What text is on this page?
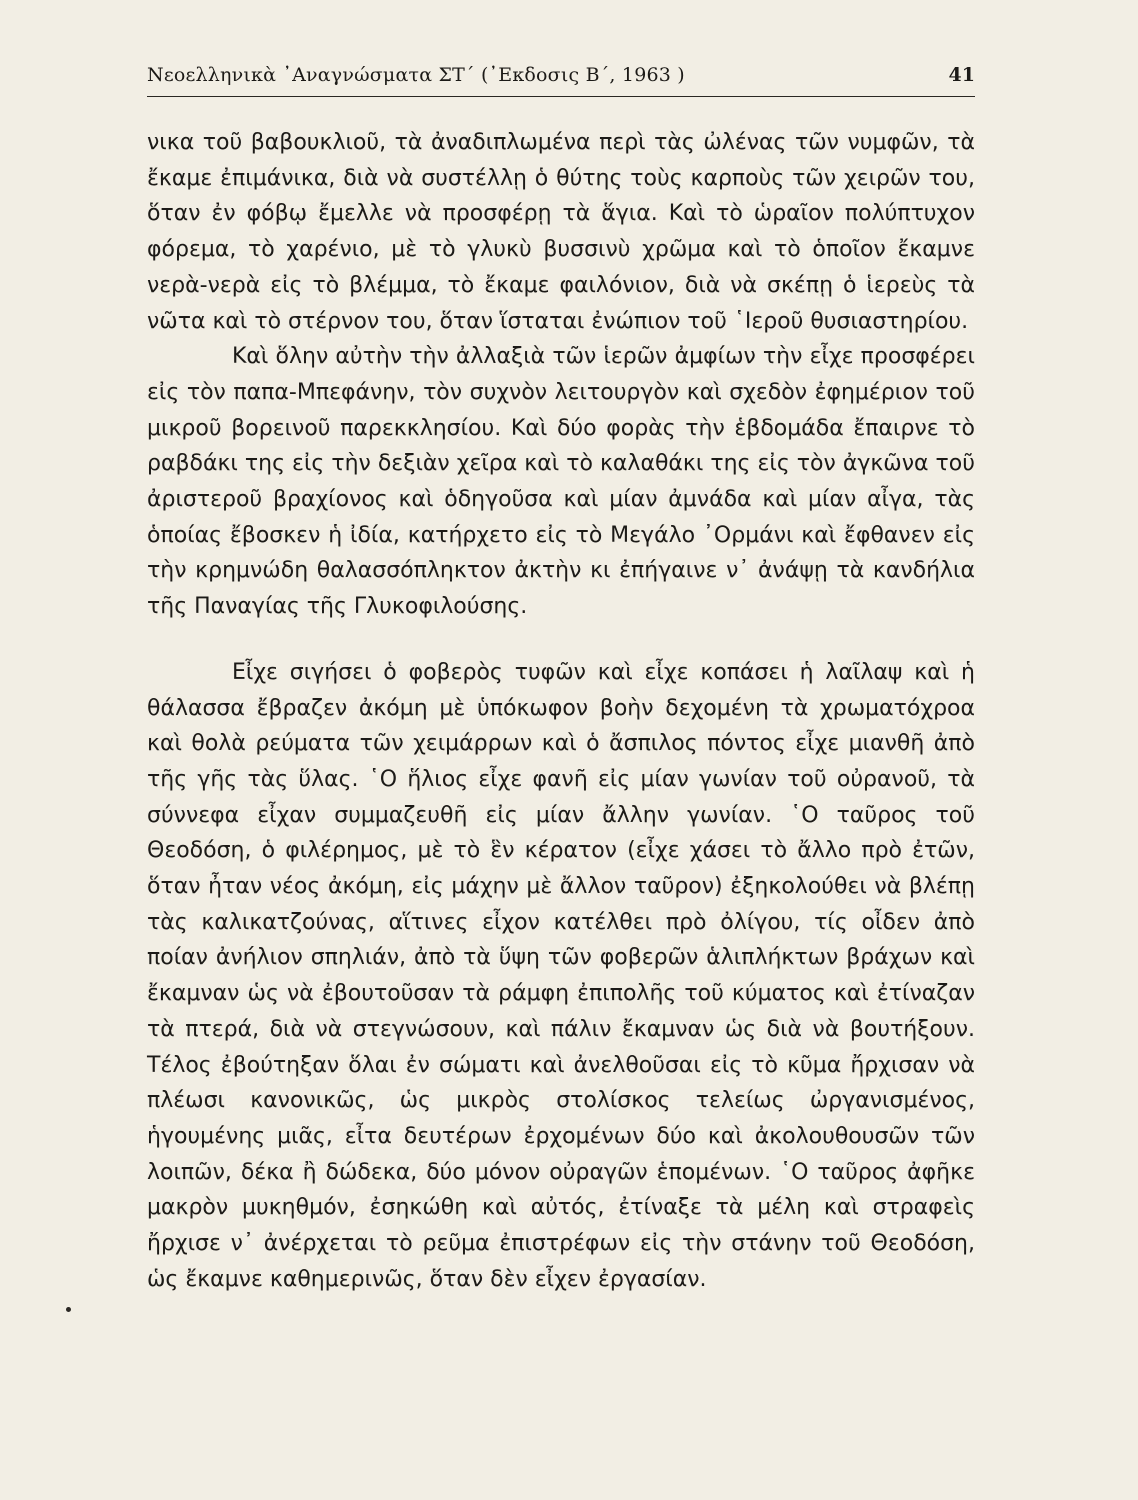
Νεοελληνικὰ ᾿Αναγνώσματα ΣΤ΄ (᾿Εκδοσις Β΄, 1963 )	41

νικα τοῦ βαβουκλιοῦ, τὰ ἀναδιπλωμένα περὶ τὰς ὠλένας τῶν νυμφῶν, τὰ ἔκαμε ἐπιμάνικα, διὰ νὰ συστέλλῃ ὁ θύτης τοὺς καρποὺς τῶν χειρῶν του, ὅταν ἐν φόβῳ ἔμελλε νὰ προσφέρῃ τὰ ἅγια. Καὶ τὸ ὡραῖον πολύπτυχον φόρεμα, τὸ χαρένιο, μὲ τὸ γλυκὺ βυσσινὺ χρῶμα καὶ τὸ ὁποῖον ἔκαμνε νερὰ-νερὰ εἰς τὸ βλέμμα, τὸ ἔκαμε φαιλόνιον, διὰ νὰ σκέπῃ ὁ ἱερεὺς τὰ νῶτα καὶ τὸ στέρνον του, ὅταν ἵσταται ἐνώπιον τοῦ ῾Ιεροῦ θυσιαστηρίου.

Καὶ ὅλην αὐτὴν τὴν ἀλλαξιὰ τῶν ἱερῶν ἀμφίων τὴν εἶχε προσφέρει εἰς τὸν παπα-Μπεφάνην, τὸν συχνὸν λειτουργὸν καὶ σχεδὸν ἐφημέριον τοῦ μικροῦ βορεινοῦ παρεκκλησίου. Καὶ δύο φορὰς τὴν ἑβδομάδα ἔπαιρνε τὸ ραβδάκι της εἰς τὴν δεξιὰν χεῖρα καὶ τὸ καλαθάκι της εἰς τὸν ἀγκῶνα τοῦ ἀριστεροῦ βραχίονος καὶ ὁδηγοῦσα καὶ μίαν ἀμνάδα καὶ μίαν αἶγα, τὰς ὁποίας ἔβοσκεν ἡ ἰδία, κατήρχετο εἰς τὸ Μεγάλο ᾿Ορμάνι καὶ ἔφθανεν εἰς τὴν κρημνώδη θαλασσόπληκτον ἀκτὴν κι ἐπήγαινε ν᾿ ἀνάψῃ τὰ κανδήλια τῆς Παναγίας τῆς Γλυκοφιλούσης.

Εἶχε σιγήσει ὁ φοβερὸς τυφῶν καὶ εἶχε κοπάσει ἡ λαῖλαψ καὶ ἡ θάλασσα ἔβραζεν ἀκόμη μὲ ὑπόκωφον βοὴν δεχομένη τὰ χρωματόχροα καὶ θολὰ ρεύματα τῶν χειμάρρων καὶ ὁ ἄσπιλος πόντος εἶχε μιανθῆ ἀπὸ τῆς γῆς τὰς ὕλας. ῾Ο ἥλιος εἶχε φανῆ εἰς μίαν γωνίαν τοῦ οὐρανοῦ, τὰ σύννεφα εἶχαν συμμαζευθῆ εἰς μίαν ἄλλην γωνίαν. ῾Ο ταῦρος τοῦ Θεοδόση, ὁ φιλέρημος, μὲ τὸ ἓν κέρατον (εἶχε χάσει τὸ ἄλλο πρὸ ἐτῶν, ὅταν ἦταν νέος ἀκόμη, εἰς μάχην μὲ ἄλλον ταῦρον) ἐξηκολούθει νὰ βλέπῃ τὰς καλικατζούνας, αἵτινες εἶχον κατέλθει πρὸ ὀλίγου, τίς οἶδεν ἀπὸ ποίαν ἀνήλιον σπηλιάν, ἀπὸ τὰ ὕψη τῶν φοβερῶν ἁλιπλήκτων βράχων καὶ ἔκαμναν ὡς νὰ ἐβουτοῦσαν τὰ ράμφη ἐπιπολῆς τοῦ κύματος καὶ ἐτίναζαν τὰ πτερά, διὰ νὰ στεγνώσουν, καὶ πάλιν ἔκαμναν ὡς διὰ νὰ βουτήξουν. Τέλος ἐβούτηξαν ὅλαι ἐν σώματι καὶ ἀνελθοῦσαι εἰς τὸ κῦμα ἤρχισαν νὰ πλέωσι κανονικῶς, ὡς μικρὸς στολίσκος τελείως ὠργανισμένος, ἡγουμένης μιᾶς, εἶτα δευτέρων ἐρχομένων δύο καὶ ἀκολουθουσῶν τῶν λοιπῶν, δέκα ἢ δώδεκα, δύο μόνον οὐραγῶν ἑπομένων. ῾Ο ταῦρος ἀφῆκε μακρὸν μυκηθμόν, ἐσηκώθη καὶ αὐτός, ἐτίναξε τὰ μέλη καὶ στραφεὶς ἤρχισε ν᾿ ἀνέρχεται τὸ ρεῦμα ἐπιστρέφων εἰς τὴν στάνην τοῦ Θεοδόση, ὡς ἔκαμνε καθημερινῶς, ὅταν δὲν εἶχεν ἐργασίαν.
